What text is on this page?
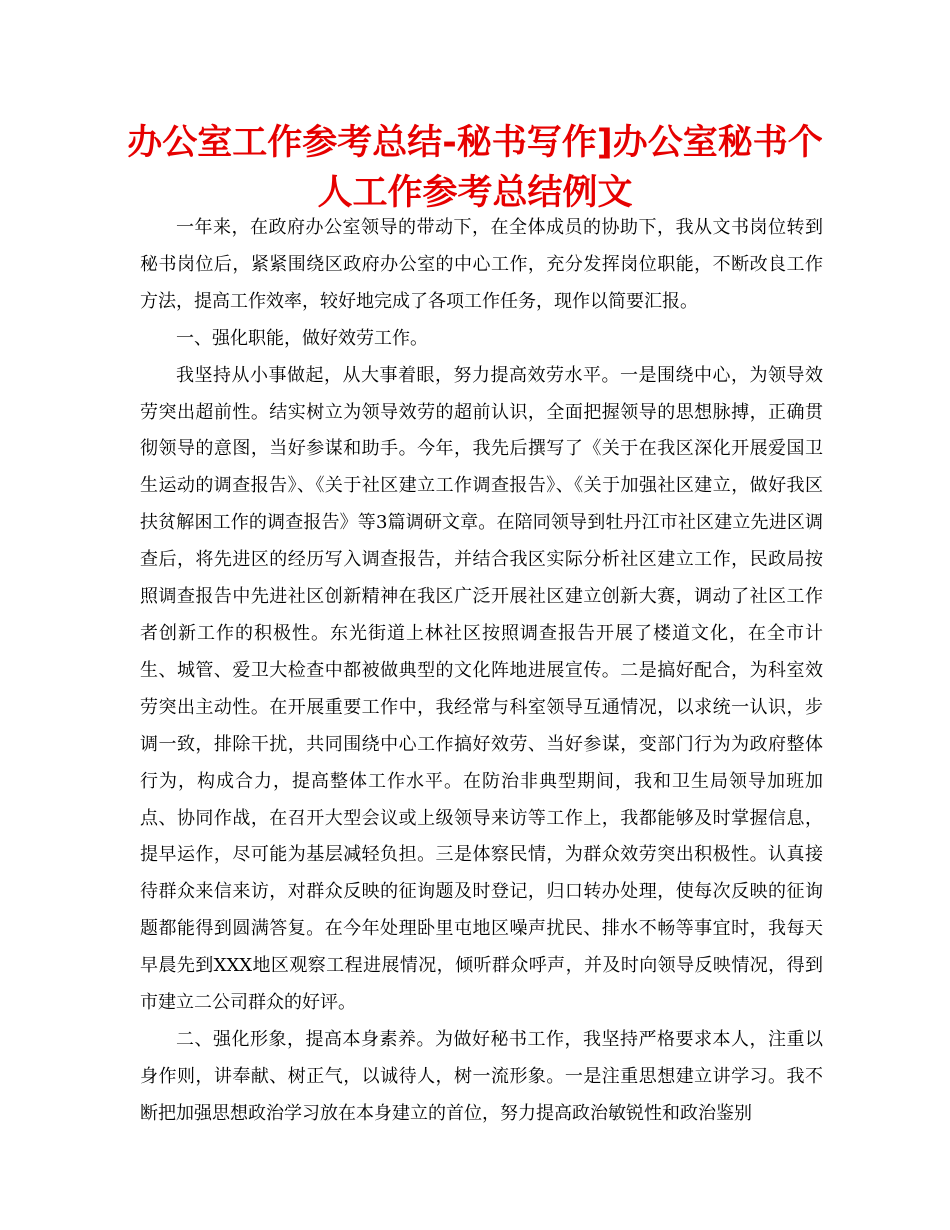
办公室工作参考总结-秘书写作]办公室秘书个人工作参考总结例文

一年来，在政府办公室领导的带动下，在全体成员的协助下，我从文书岗位转到秘书岗位后，紧紧围绕区政府办公室的中心工作，充分发挥岗位职能，不断改良工作方法，提高工作效率，较好地完成了各项工作任务，现作以简要汇报。

一、强化职能，做好效劳工作。

我坚持从小事做起，从大事着眼，努力提高效劳水平。一是围绕中心，为领导效劳突出超前性。结实树立为领导效劳的超前认识，全面把握领导的思想脉搏，正确贯彻领导的意图，当好参谋和助手。今年，我先后撰写了《关于在我区深化开展爱国卫生运动的调查报告》、《关于社区建立工作调查报告》、《关于加强社区建立，做好我区扶贫解困工作的调查报告》等3篇调研文章。在陪同领导到牡丹江市社区建立先进区调查后，将先进区的经历写入调查报告，并结合我区实际分析社区建立工作，民政局按照调查报告中先进社区创新精神在我区广泛开展社区建立创新大赛，调动了社区工作者创新工作的积极性。东光街道上林社区按照调查报告开展了楼道文化，在全市计生、城管、爱卫大检查中都被做典型的文化阵地进展宣传。二是搞好配合，为科室效劳突出主动性。在开展重要工作中，我经常与科室领导互通情况，以求统一认识，步调一致，排除干扰，共同围绕中心工作搞好效劳、当好参谋，变部门行为为政府整体行为，构成合力，提高整体工作水平。在防治非典型期间，我和卫生局领导加班加点、协同作战，在召开大型会议或上级领导来访等工作上，我都能够及时掌握信息，提早运作，尽可能为基层减轻负担。三是体察民情，为群众效劳突出积极性。认真接待群众来信来访，对群众反映的征询题及时登记，归口转办处理，使每次反映的征询题都能得到圆满答复。在今年处理卧里屯地区噪声扰民、排水不畅等事宜时，我每天早晨先到XXX地区观察工程进展情况，倾听群众呼声，并及时向领导反映情况，得到市建立二公司群众的好评。

二、强化形象，提高本身素养。为做好秘书工作，我坚持严格要求本人，注重以身作则，讲奉献、树正气，以诚待人，树一流形象。一是注重思想建立讲学习。我不断把加强思想政治学习放在本身建立的首位，努力提高政治敏锐性和政治鉴别
